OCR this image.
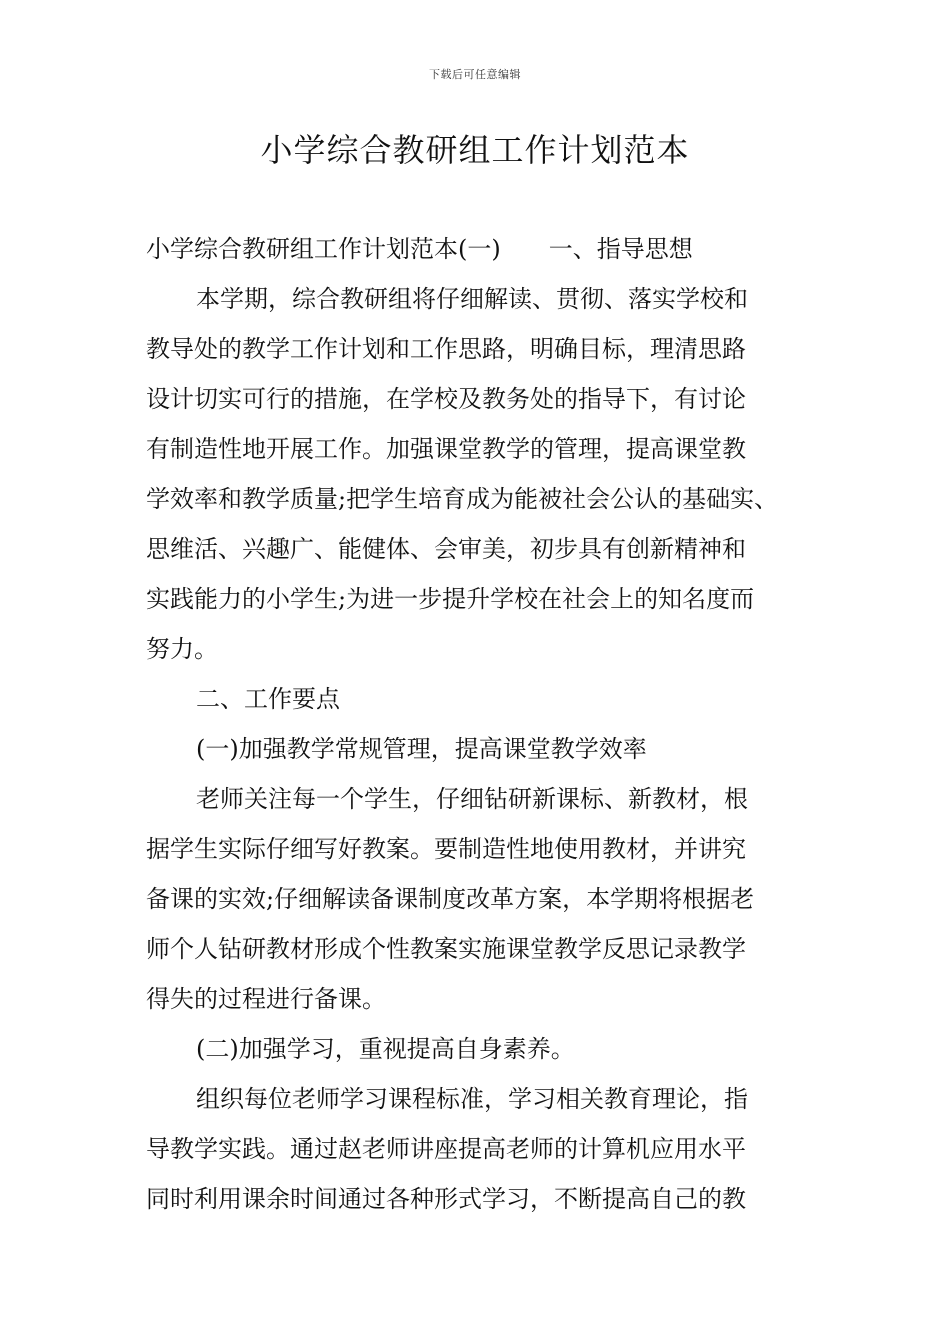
下载后可任意编辑
小学综合教研组工作计划范本

小学综合教研组工作计划范本(一) 一、指导思想

本学期，综合教研组将仔细解读、贯彻、落实学校和

教导处的教学工作计划和工作思路，明确目标，理清思路

设计切实可行的措施，在学校及教务处的指导下，有讨论

有制造性地开展工作。加强课堂教学的管理，提高课堂教

学效率和教学质量;把学生培育成为能被社会公认的基础实、

思维活、兴趣广、能健体、会审美，初步具有创新精神和

实践能力的小学生;为进一步提升学校在社会上的知名度而

努力。

二、工作要点

(一)加强教学常规管理，提高课堂教学效率

老师关注每一个学生，仔细钻研新课标、新教材，根

据学生实际仔细写好教案。要制造性地使用教材，并讲究

备课的实效;仔细解读备课制度改革方案，本学期将根据老

师个人钻研教材形成个性教案实施课堂教学反思记录教学

得失的过程进行备课。

(二)加强学习，重视提高自身素养。

组织每位老师学习课程标准，学习相关教育理论，指

导教学实践。通过赵老师讲座提高老师的计算机应用水平

同时利用课余时间通过各种形式学习，不断提高自己的教
